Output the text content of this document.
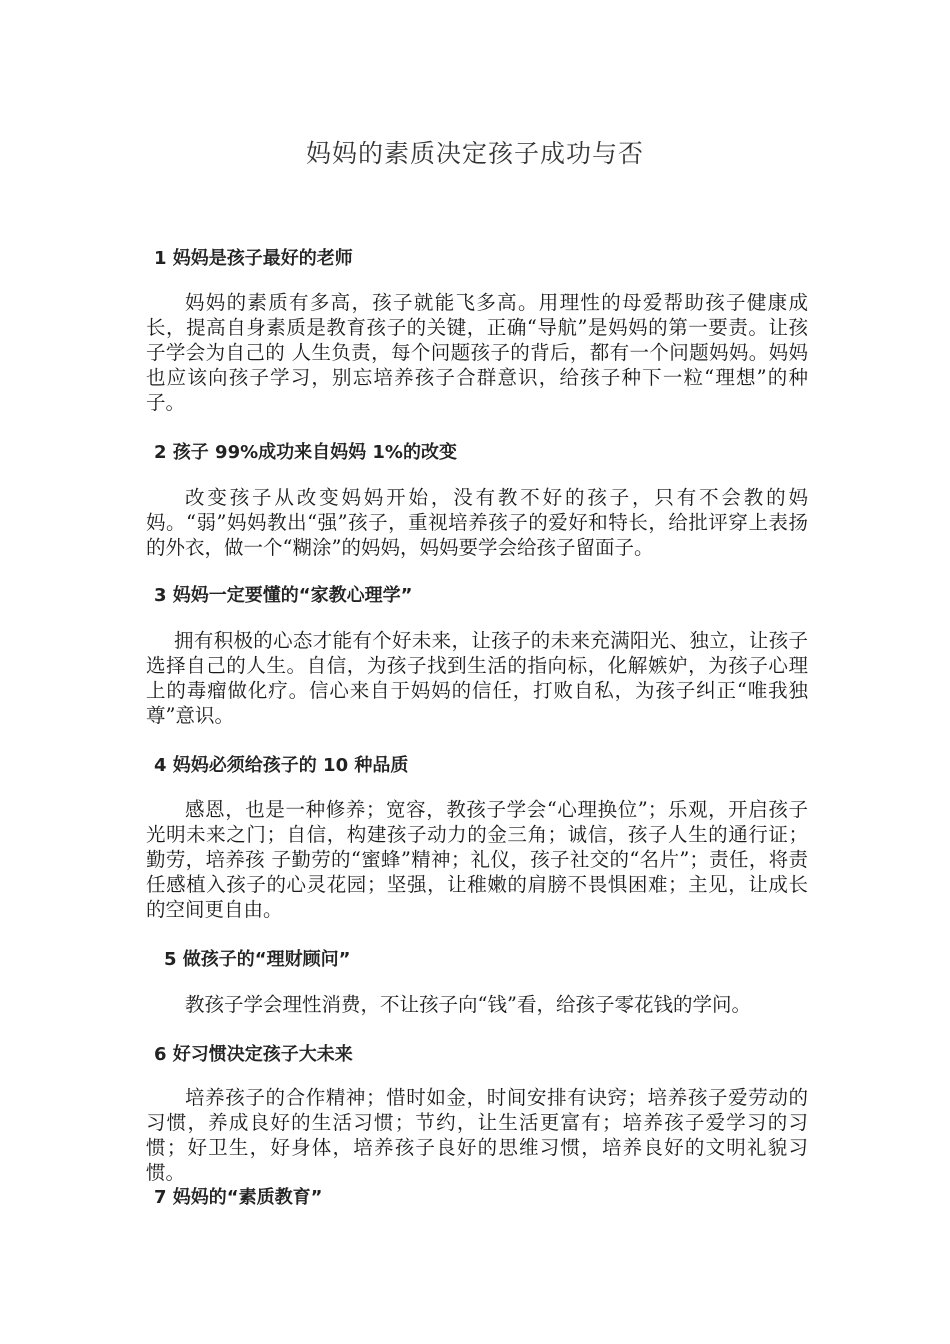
妈妈的素质决定孩子成功与否
1 妈妈是孩子最好的老师
妈妈的素质有多高，孩子就能飞多高。用理性的母爱帮助孩子健康成长，提高自身素质是教育孩子的关键，正确“导航”是妈妈的第一要责。让孩子学会为自己的 人生负责，每个问题孩子的背后，都有一个问题妈妈。妈妈也应该向孩子学习，别忘培养孩子合群意识，给孩子种下一粒“理想”的种子。
2 孩子 99%成功来自妈妈 1%的改变
改变孩子从改变妈妈开始，没有教不好的孩子，只有不会教的妈妈。“弱”妈妈教出“强”孩子，重视培养孩子的爱好和特长，给批评穿上表扬的外衣，做一个“糊涂”的妈妈，妈妈要学会给孩子留面子。
3 妈妈一定要懂的“家教心理学”
拥有积极的心态才能有个好未来，让孩子的未来充满阳光、独立，让孩子选择自己的人生。自信，为孩子找到生活的指向标，化解嫉妒，为孩子心理上的毒瘤做化疗。信心来自于妈妈的信任，打败自私，为孩子纠正“唯我独尊”意识。
4 妈妈必须给孩子的 10 种品质
感恩，也是一种修养；宽容，教孩子学会“心理换位”；乐观，开启孩子光明未来之门；自信，构建孩子动力的金三角；诚信，孩子人生的通行证；勤劳，培养孩 子勤劳的“蜜蜂”精神；礼仪，孩子社交的“名片”；责任，将责任感植入孩子的心灵花园；坚强，让稚嫩的肩膀不畏惧困难；主见，让成长的空间更自由。
5 做孩子的“理财顾问”
教孩子学会理性消费，不让孩子向“钱”看，给孩子零花钱的学问。
6 好习惯决定孩子大未来
培养孩子的合作精神；惜时如金，时间安排有诀窍；培养孩子爱劳动的习惯，养成良好的生活习惯；节约，让生活更富有；培养孩子爱学习的习惯；好卫生，好身体，培养孩子良好的思维习惯，培养良好的文明礼貌习惯。
7 妈妈的“素质教育”
